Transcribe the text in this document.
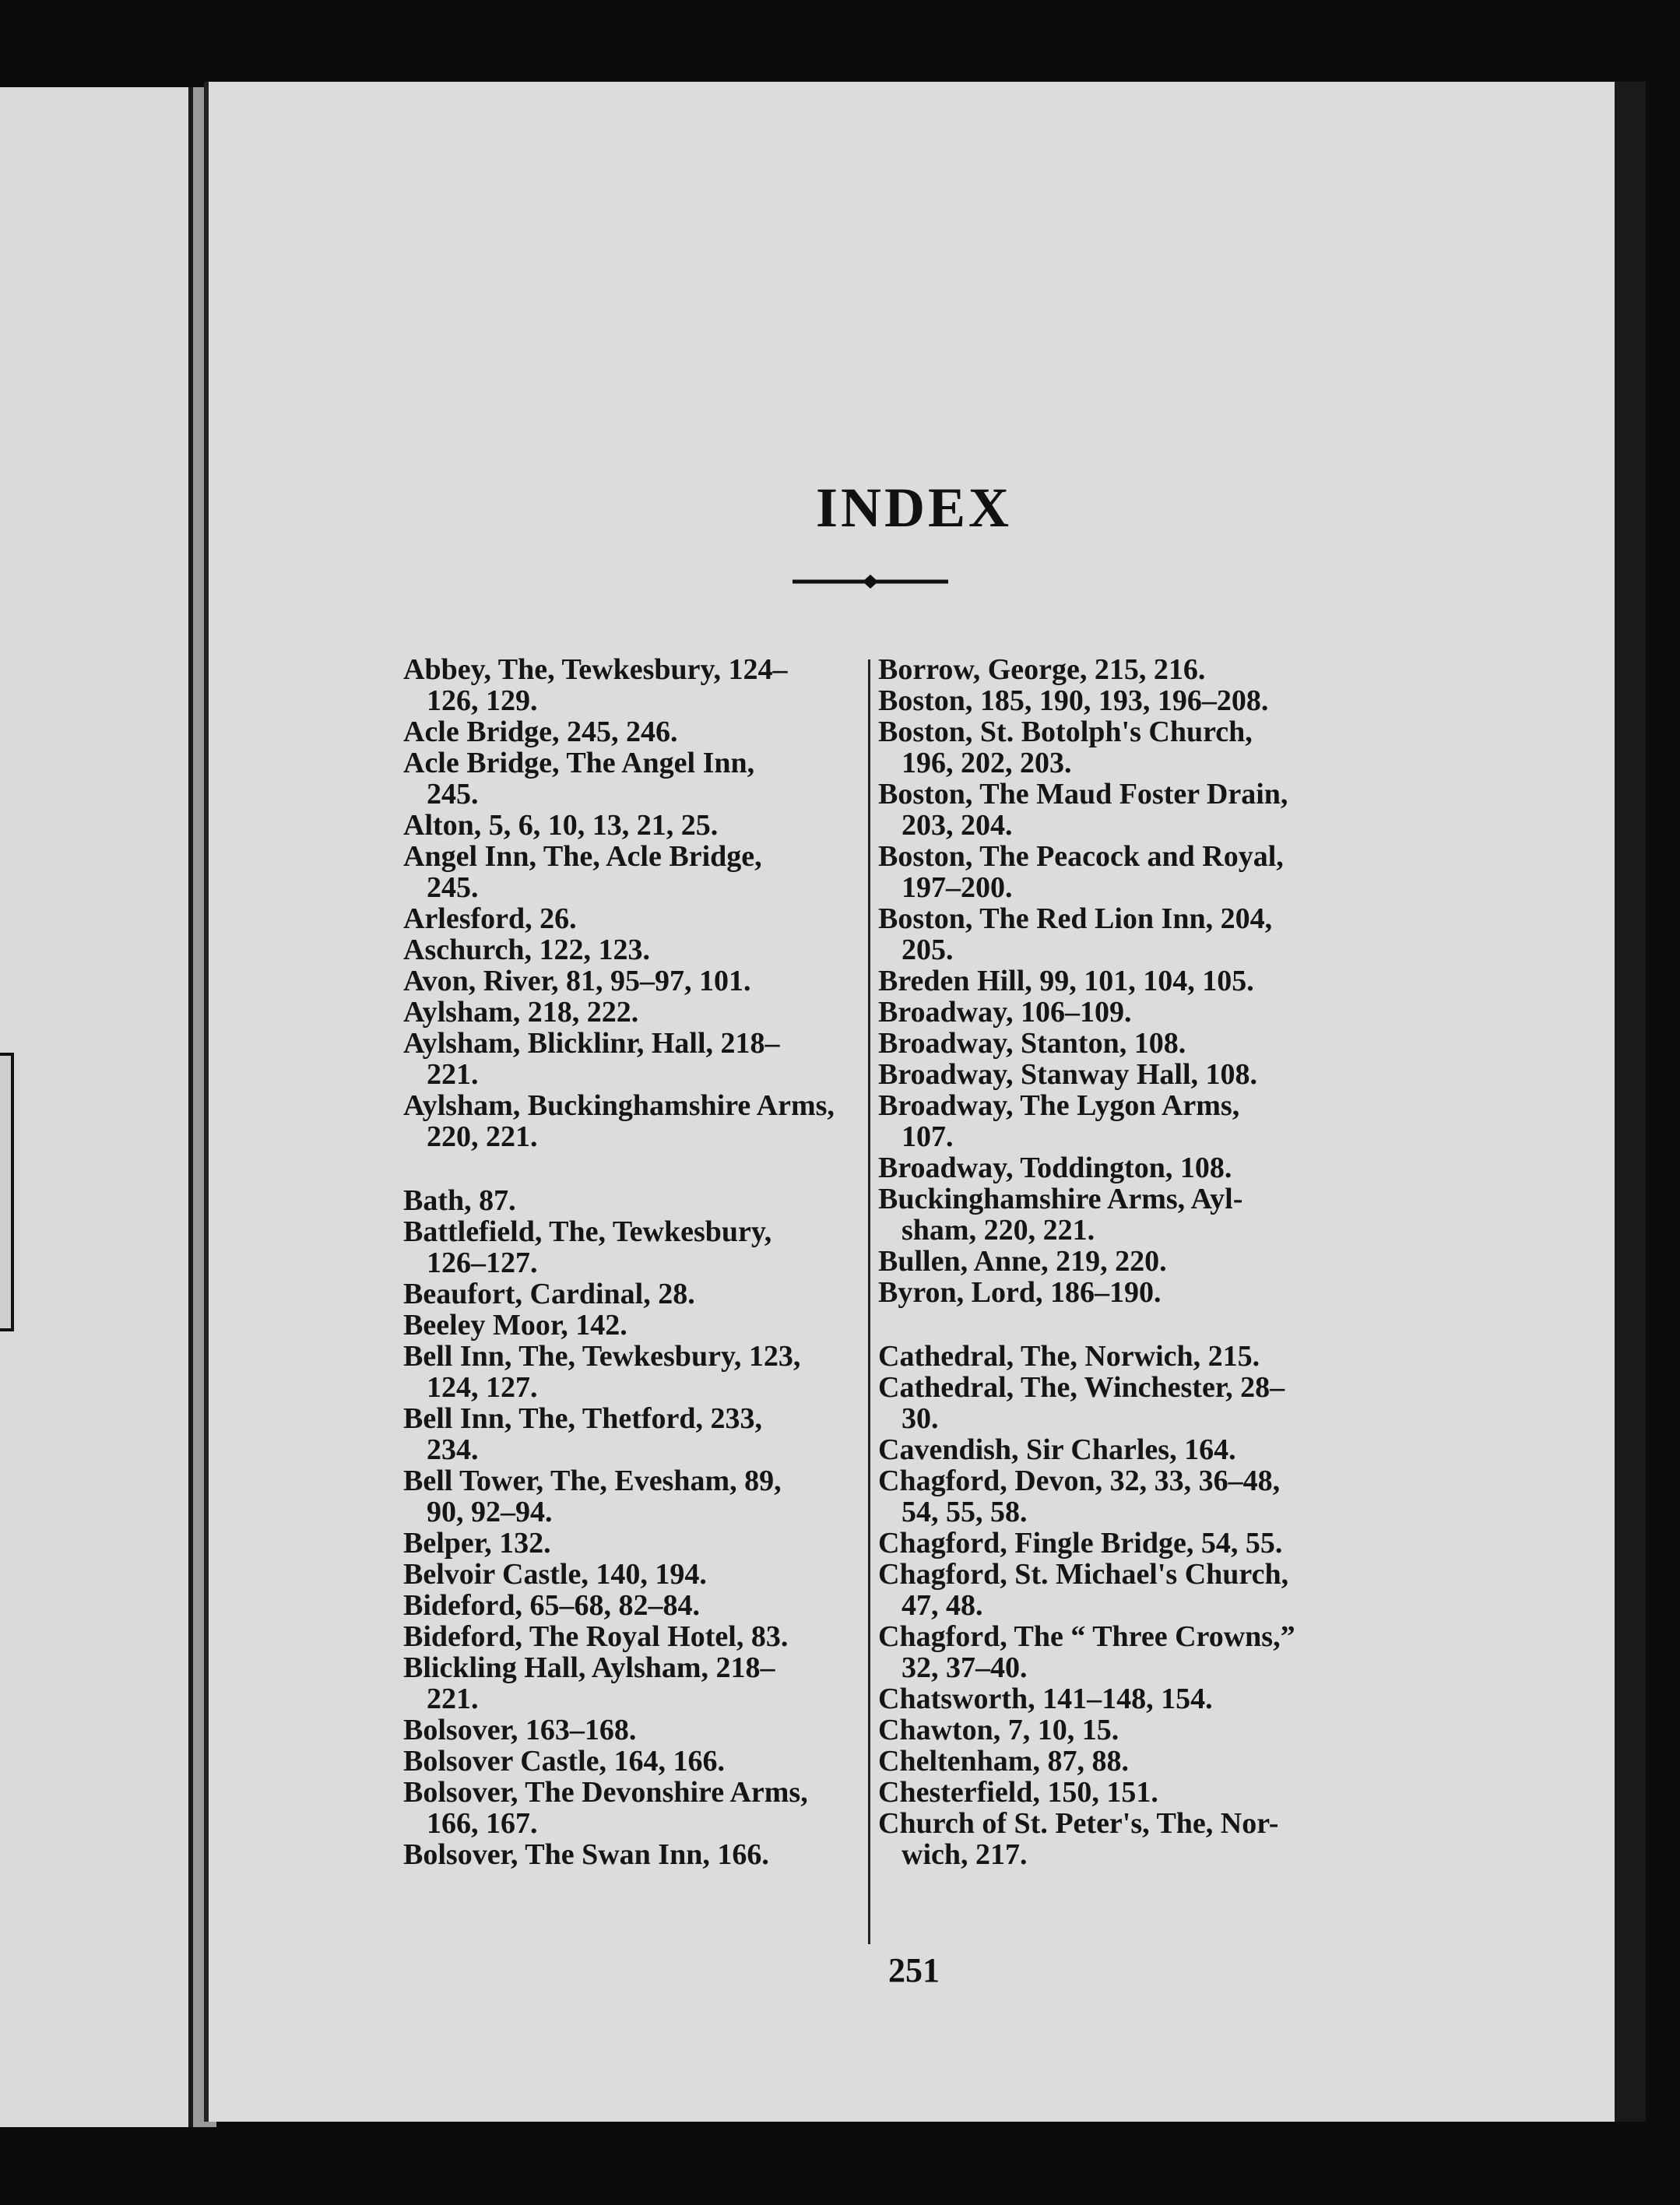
INDEX
Abbey, The, Tewkesbury, 124–
126, 129.
Acle Bridge, 245, 246.
Acle Bridge, The Angel Inn,
245.
Alton, 5, 6, 10, 13, 21, 25.
Angel Inn, The, Acle Bridge,
245.
Arlesford, 26.
Aschurch, 122, 123.
Avon, River, 81, 95–97, 101.
Aylsham, 218, 222.
Aylsham, Blicklinr, Hall, 218–
221.
Aylsham, Buckinghamshire Arms,
220, 221.
Bath, 87.
Battlefield, The, Tewkesbury,
126–127.
Beaufort, Cardinal, 28.
Beeley Moor, 142.
Bell Inn, The, Tewkesbury, 123,
124, 127.
Bell Inn, The, Thetford, 233,
234.
Bell Tower, The, Evesham, 89,
90, 92–94.
Belper, 132.
Belvoir Castle, 140, 194.
Bideford, 65–68, 82–84.
Bideford, The Royal Hotel, 83.
Blickling Hall, Aylsham, 218–
221.
Bolsover, 163–168.
Bolsover Castle, 164, 166.
Bolsover, The Devonshire Arms,
166, 167.
Bolsover, The Swan Inn, 166.
Borrow, George, 215, 216.
Boston, 185, 190, 193, 196–208.
Boston, St. Botolph's Church,
196, 202, 203.
Boston, The Maud Foster Drain,
203, 204.
Boston, The Peacock and Royal,
197–200.
Boston, The Red Lion Inn, 204,
205.
Breden Hill, 99, 101, 104, 105.
Broadway, 106–109.
Broadway, Stanton, 108.
Broadway, Stanway Hall, 108.
Broadway, The Lygon Arms,
107.
Broadway, Toddington, 108.
Buckinghamshire Arms, Ayl-
sham, 220, 221.
Bullen, Anne, 219, 220.
Byron, Lord, 186–190.
Cathedral, The, Norwich, 215.
Cathedral, The, Winchester, 28–
30.
Cavendish, Sir Charles, 164.
Chagford, Devon, 32, 33, 36–48,
54, 55, 58.
Chagford, Fingle Bridge, 54, 55.
Chagford, St. Michael's Church,
47, 48.
Chagford, The “ Three Crowns,”
32, 37–40.
Chatsworth, 141–148, 154.
Chawton, 7, 10, 15.
Cheltenham, 87, 88.
Chesterfield, 150, 151.
Church of St. Peter's, The, Nor-
wich, 217.
251
